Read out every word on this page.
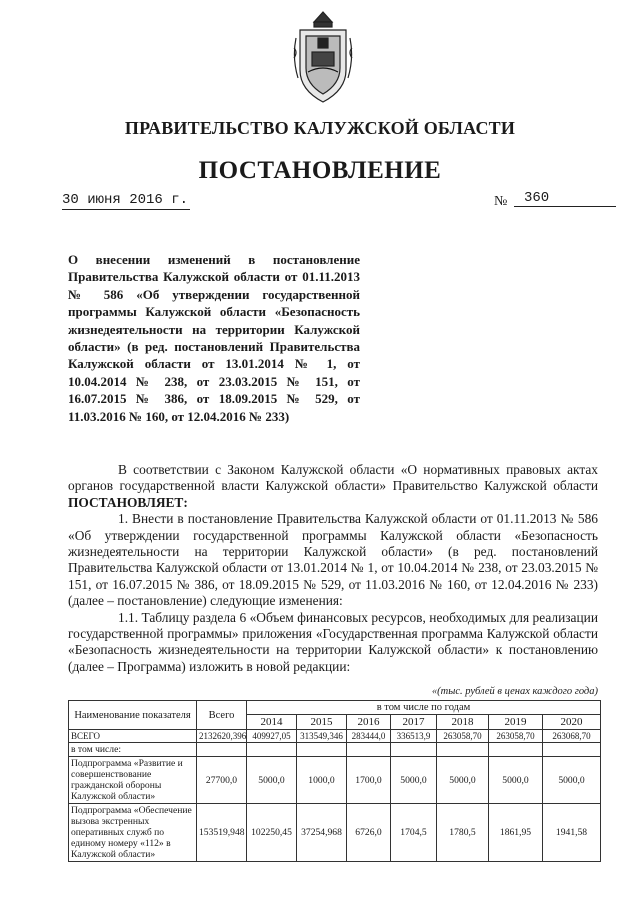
ПРАВИТЕЛЬСТВО КАЛУЖСКОЙ ОБЛАСТИ
ПОСТАНОВЛЕНИЕ
30 июня 2016 г.	№	360
О внесении изменений в постановление Правительства Калужской области от 01.11.2013 № 586 «Об утверждении государственной программы Калужской области «Безопасность жизнедеятельности на территории Калужской области» (в ред. постановлений Правительства Калужской области от 13.01.2014 № 1, от 10.04.2014 № 238, от 23.03.2015 № 151, от 16.07.2015 № 386, от 18.09.2015 № 529, от 11.03.2016 № 160, от 12.04.2016 № 233)

В соответствии с Законом Калужской области «О нормативных правовых актах органов государственной власти Калужской области» Правительство Калужской области ПОСТАНОВЛЯЕТ:

1. Внести в постановление Правительства Калужской области от 01.11.2013 № 586 «Об утверждении государственной программы Калужской области «Безопасность жизнедеятельности на территории Калужской области» (в ред. постановлений Правительства Калужской области от 13.01.2014 № 1, от 10.04.2014 № 238, от 23.03.2015 № 151, от 16.07.2015 № 386, от 18.09.2015 № 529, от 11.03.2016 № 160, от 12.04.2016 № 233) (далее – постановление) следующие изменения:

1.1. Таблицу раздела 6 «Объем финансовых ресурсов, необходимых для реализации государственной программы» приложения «Государственная программа Калужской области «Безопасность жизнедеятельности на территории Калужской области» к постановлению (далее – Программа) изложить в новой редакции:

«(тыс. рублей в ценах каждого года)
Наименование показателя	Всего	в том числе по годам						
		2014	2015	2016	2017	2018	2019	2020
ВСЕГО	2132620,396	409927,05	313549,346	283444,0	336513,9	263058,70	263058,70	263068,70
в том числе:								
Подпрограмма «Развитие и совершенствование гражданской обороны Калужской области»	27700,0	5000,0	1000,0	1700,0	5000,0	5000,0	5000,0	5000,0
Подпрограмма «Обеспечение вызова экстренных оперативных служб по единому номеру «112» в Калужской области»	153519,948	102250,45	37254,968	6726,0	1704,5	1780,5	1861,95	1941,58
